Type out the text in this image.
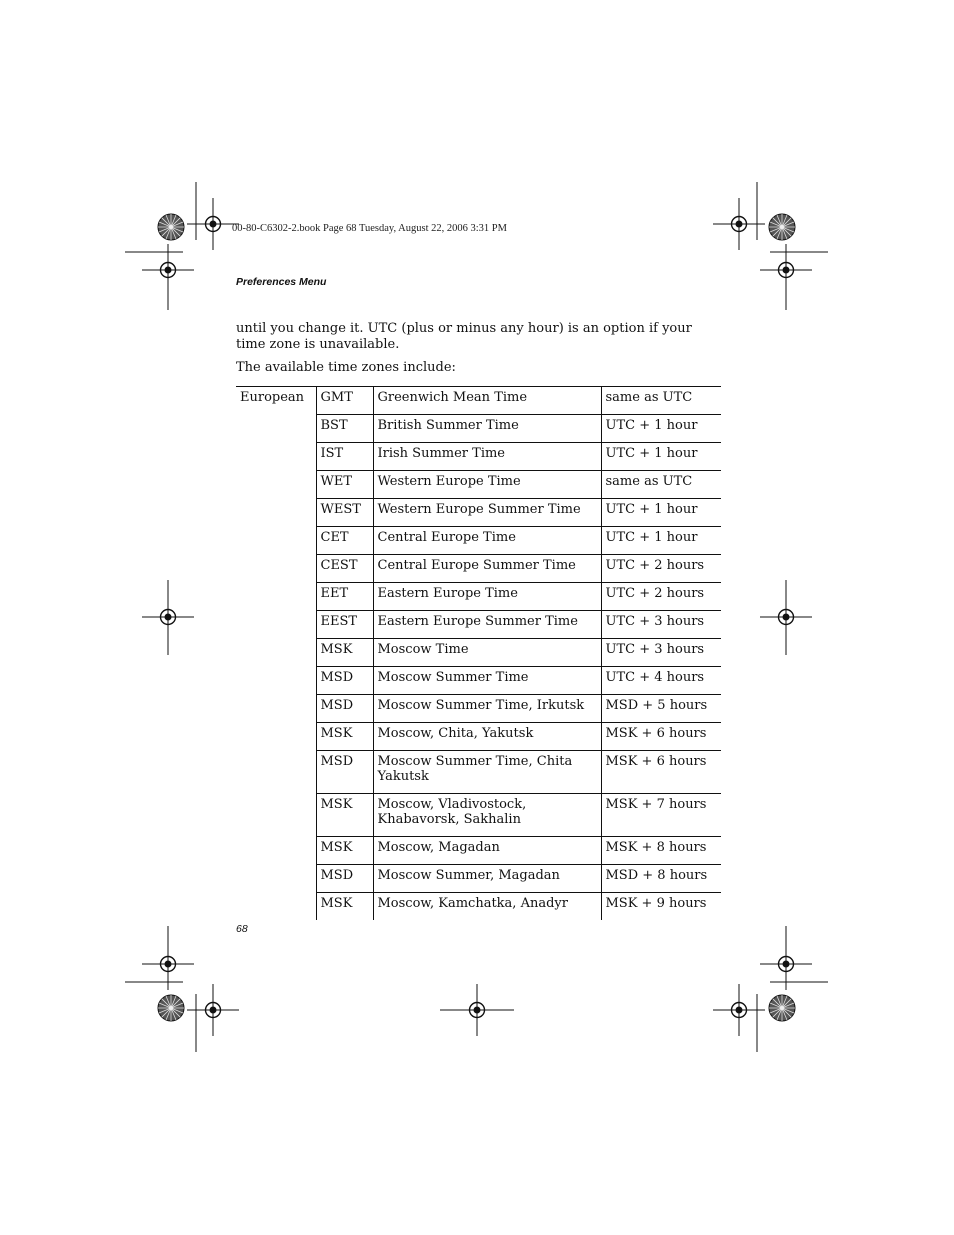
00-80-C6302-2.book Page 68 Tuesday, August 22, 2006 3:31 PM
Preferences Menu

until you change it. UTC (plus or minus any hour) is an option if your time zone is unavailable.

The available time zones include:

European	GMT	Greenwich Mean Time	same as UTC
	BST	British Summer Time	UTC + 1 hour
	IST	Irish Summer Time	UTC + 1 hour
	WET	Western Europe Time	same as UTC
	WEST	Western Europe Summer Time	UTC + 1 hour
	CET	Central Europe Time	UTC + 1 hour
	CEST	Central Europe Summer Time	UTC + 2 hours
	EET	Eastern Europe Time	UTC + 2 hours
	EEST	Eastern Europe Summer Time	UTC + 3 hours
	MSK	Moscow Time	UTC + 3 hours
	MSD	Moscow Summer Time	UTC + 4 hours
	MSD	Moscow Summer Time, Irkutsk	MSD + 5 hours
	MSK	Moscow, Chita, Yakutsk	MSK + 6 hours
	MSD	Moscow Summer Time, Chita Yakutsk	MSK + 6 hours
	MSK	Moscow, Vladivostock, Khabavorsk, Sakhalin	MSK + 7 hours
	MSK	Moscow, Magadan	MSK + 8 hours
	MSD	Moscow Summer, Magadan	MSD + 8 hours
	MSK	Moscow, Kamchatka, Anadyr	MSK + 9 hours
68
